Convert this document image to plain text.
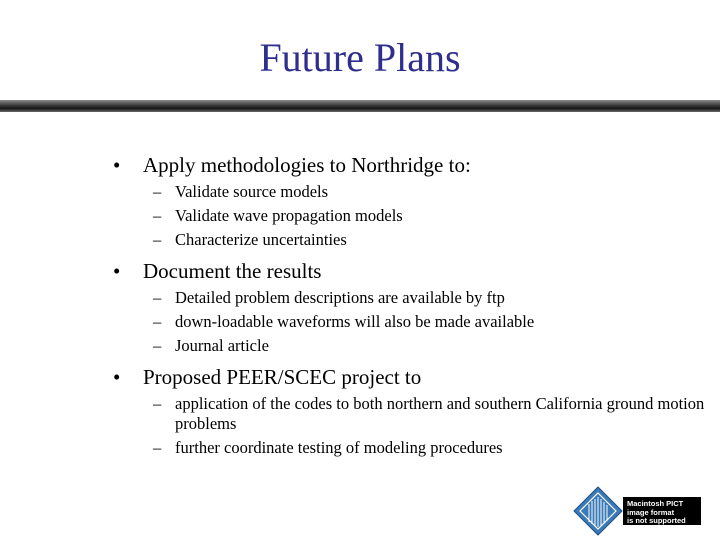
Future Plans
• Apply methodologies to Northridge to:
– Validate source models
– Validate wave propagation models
– Characterize uncertainties
• Document the results
– Detailed problem descriptions are available by ftp
– down-loadable waveforms will also be made available
– Journal article
• Proposed PEER/SCEC project to
– application of the codes to both northern and southern California ground motion problems
– further coordinate testing of modeling procedures
Macintosh PICT
image format
is not supported
